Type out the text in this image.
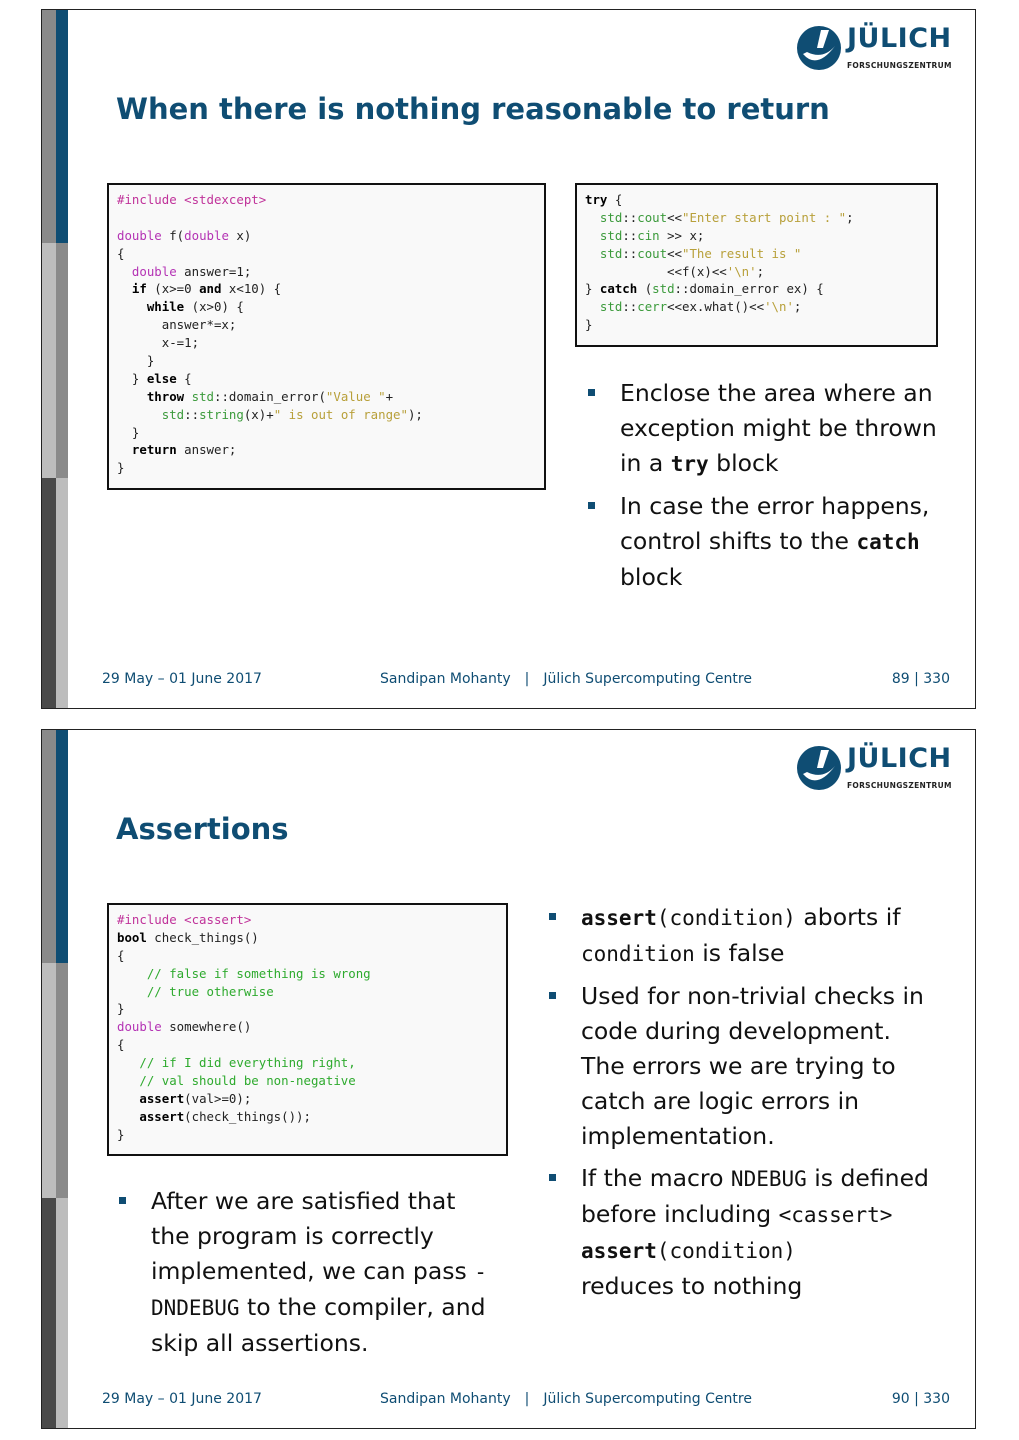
JÜLICH
FORSCHUNGSZENTRUM
When there is nothing reasonable to return
#include <stdexcept>

double f(double x)
{
double answer=1;
if (x>=0 and x<10) {
while (x>0) {
answer*=x;
x-=1;
}
} else {
throw std::domain_error("Value "+
std::string(x)+" is out of range");
}
return answer;
}
try {
std::cout<<"Enter start point : ";
std::cin >> x;
std::cout<<"The result is "
<<f(x)<<'\n';
} catch (std::domain_error ex) {
std::cerr<<ex.what()<<'\n';
}
Enclose the area where an exception might be thrown in a try block
In case the error happens, control shifts to the catch block
29 May – 01 June 2017	Sandipan Mohanty | Jülich Supercomputing Centre	89 | 330
JÜLICH
FORSCHUNGSZENTRUM
Assertions
#include <cassert>
bool check_things()
{
// false if something is wrong
// true otherwise
}
double somewhere()
{
// if I did everything right,
// val should be non-negative
assert(val>=0);
assert(check_things());
}
After we are satisfied that the program is correctly implemented, we can pass -DNDEBUG to the compiler, and skip all assertions.
assert(condition) aborts if condition is false
Used for non-trivial checks in code during development. The errors we are trying to catch are logic errors in implementation.
If the macro NDEBUG is defined before including <cassert>
assert(condition)
reduces to nothing
29 May – 01 June 2017	Sandipan Mohanty | Jülich Supercomputing Centre	90 | 330
